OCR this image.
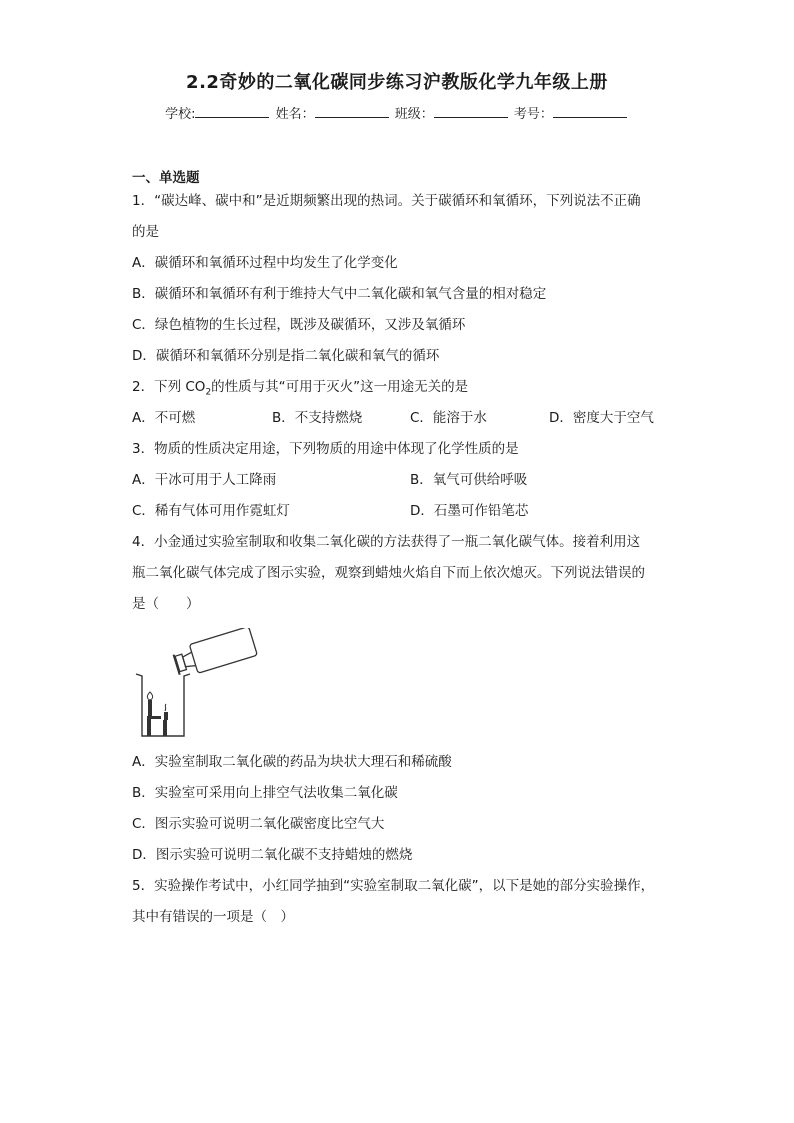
2.2奇妙的二氧化碳同步练习沪教版化学九年级上册
学校:	姓名：	班级：	考号：
一、单选题
1．“碳达峰、碳中和”是近期频繁出现的热词。关于碳循环和氧循环，下列说法不正确
的是
A．碳循环和氧循环过程中均发生了化学变化
B．碳循环和氧循环有利于维持大气中二氧化碳和氧气含量的相对稳定
C．绿色植物的生长过程，既涉及碳循环，又涉及氧循环
D．碳循环和氧循环分别是指二氧化碳和氧气的循环
2．下列 $CO_2$的性质与其“可用于灭火”这一用途无关的是
A．不可燃	B．不支持燃烧	C．能溶于水	D．密度大于空气
3．物质的性质决定用途，下列物质的用途中体现了化学性质的是
A．干冰可用于人工降雨	B．氧气可供给呼吸
C．稀有气体可用作霓虹灯	D．石墨可作铅笔芯
4．小金通过实验室制取和收集二氧化碳的方法获得了一瓶二氧化碳气体。接着利用这
瓶二氧化碳气体完成了图示实验，观察到蜡烛火焰自下而上依次熄灭。下列说法错误的
是（　　）
A．实验室制取二氧化碳的药品为块状大理石和稀硫酸
B．实验室可采用向上排空气法收集二氧化碳
C．图示实验可说明二氧化碳密度比空气大
D．图示实验可说明二氧化碳不支持蜡烛的燃烧
5．实验操作考试中，小红同学抽到“实验室制取二氧化碳”，以下是她的部分实验操作，
其中有错误的一项是（　）
